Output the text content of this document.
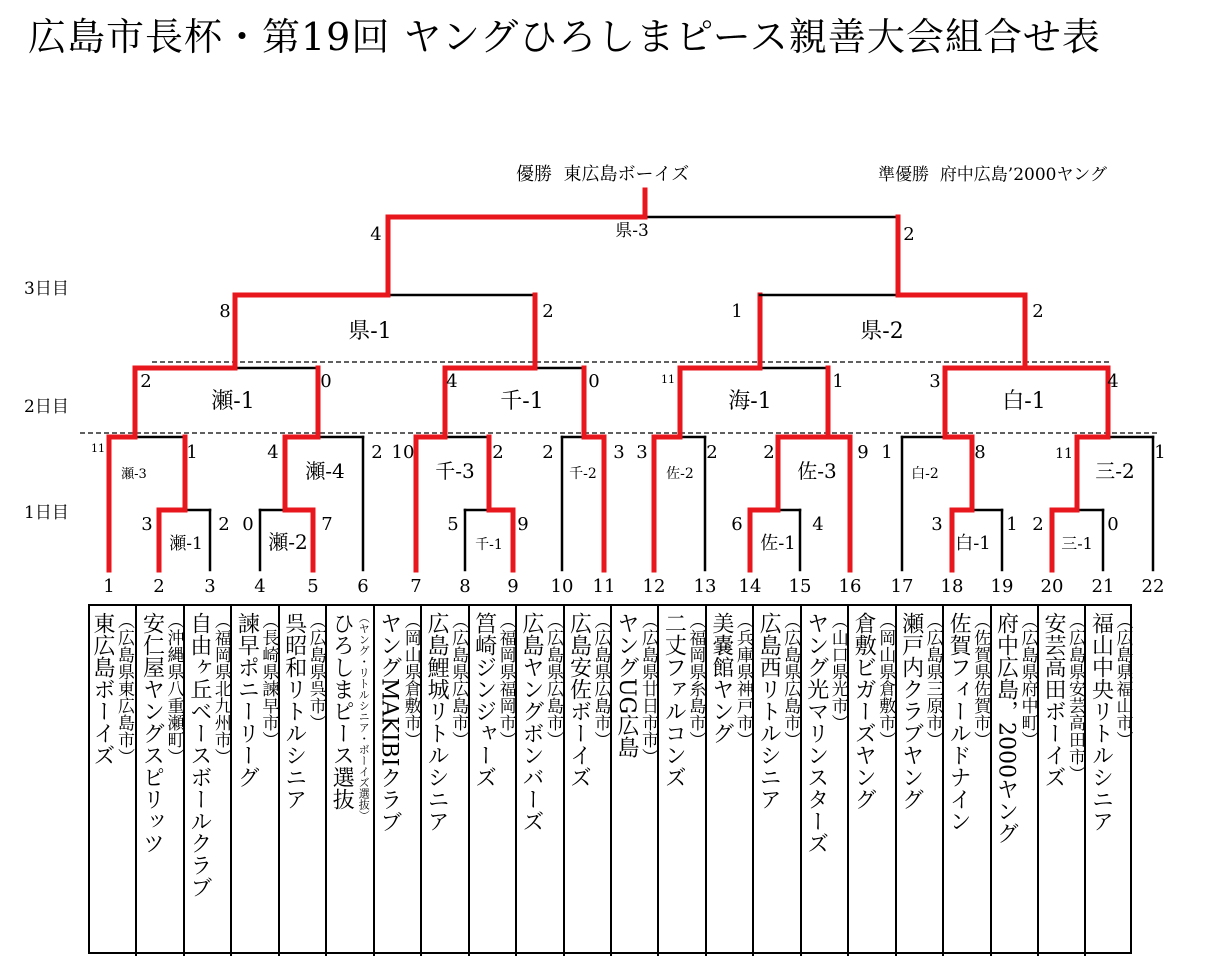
広島市長杯・第19回 ヤングひろしまピース親善大会組合せ表
優勝 東広島ボーイズ	準優勝 府中広島’2000ヤング
3日目
2日目
1日目
1 2 3 4 5 6 7 8 9 10 11 12 13 14 15 16 17 18 19 20 21 22
瀬-3
瀬-1
瀬-4
瀬-2
千-3
千-1
千-2	佐-2	佐-3
佐-1
白-2
白-1
三-2
三-1
瀬-1	千-1	海-1	白-1
県-1	県-2
県-3
11	1
3	2
4	2
0	7
10	2
5	9
2	3 3	2	2	9
6	4
1	8
3	1
11	1
2	0
2	0	4	0	11	1	3	4
8	2	1	2
4	2
東広島ボーイズ （広島県東広島市） 安仁屋ヤングスピリッツ （沖縄県八重瀬町） 自由ヶ丘ベースボールクラブ （福岡県北九州市） 諫早ポニーリーグ （長崎県諫早市） 呉昭和リトルシニア （広島県呉市） ひろしまピース選抜 （ヤング・リトルシニア・ボーイズ選抜） ヤングMAKIBIクラブ （岡山県倉敷市） 広島鯉城リトルシニア （広島県広島市） 筥崎ジンジャーズ （福岡県福岡市） 広島ヤングボンバーズ （広島県広島市） 広島安佐ボーイズ （広島県広島市） ヤングUG広島 （広島県廿日市市） 二丈ファルコンズ （福岡県糸島市） 美嚢館ヤング （兵庫県神戸市） 広島西リトルシニア （広島県広島市） ヤング光マリンスターズ （山口県光市） 倉敷ビガーズヤング （岡山県倉敷市） 瀬戸内クラブヤング （広島県三原市） 佐賀フィールドナイン （佐賀県佐賀市） 府中広島，2000ヤング （広島県府中町） 安芸高田ボーイズ （広島県安芸高田市） 福山中央リトルシニア （広島県福山市）
